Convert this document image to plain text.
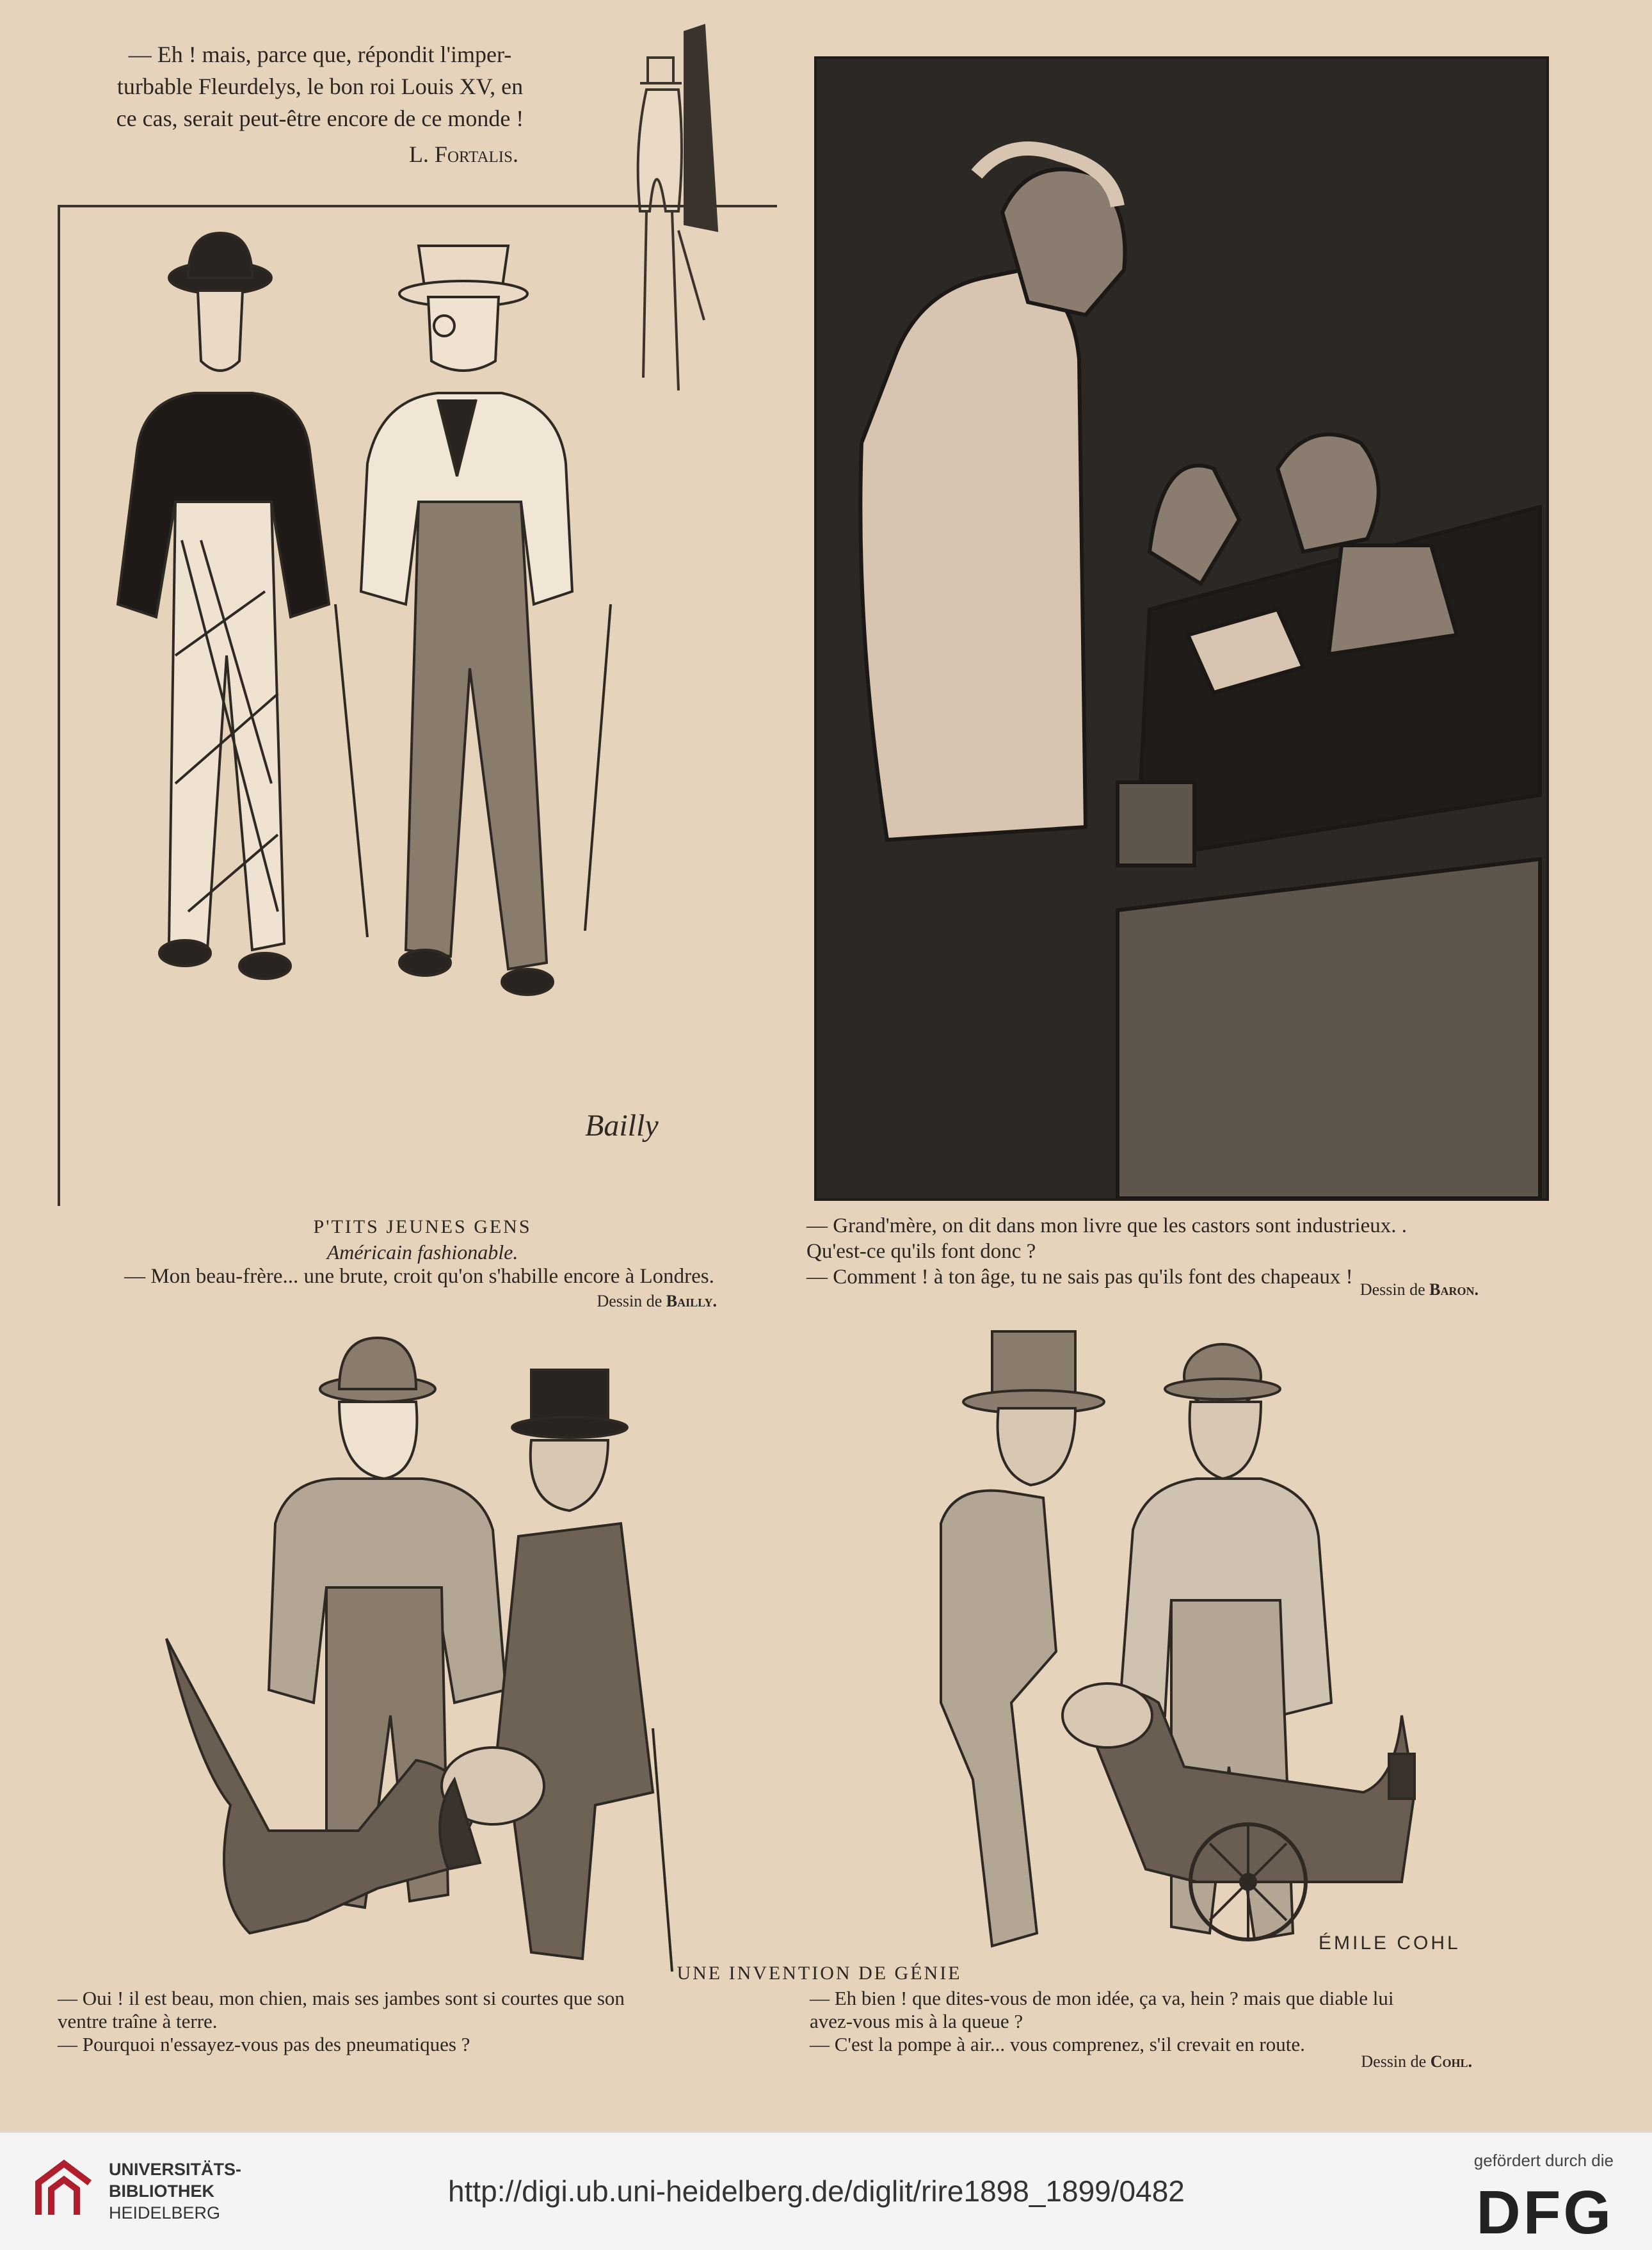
— Eh ! mais, parce que, répondit l'imper-
turbable Fleurdelys, le bon roi Louis XV, en
ce cas, serait peut-être encore de ce monde !
L. Fortalis.
Bailly
P'TITS JEUNES GENS
Américain fashionable.
— Mon beau-frère... une brute, croit qu'on s'habille encore à Londres.
Dessin de Bailly.
— Grand'mère, on dit dans mon livre que les castors sont industrieux. .
Qu'est-ce qu'ils font donc ?
— Comment ! à ton âge, tu ne sais pas qu'ils font des chapeaux !
Dessin de Baron.
ÉMILE COHL
UNE INVENTION DE GÉNIE
— Oui ! il est beau, mon chien, mais ses jambes sont si courtes que son
ventre traîne à terre.
— Pourquoi n'essayez-vous pas des pneumatiques ?
— Eh bien ! que dites-vous de mon idée, ça va, hein ? mais que diable lui
avez-vous mis à la queue ?
— C'est la pompe à air... vous comprenez, s'il crevait en route.
Dessin de Cohl.
UNIVERSITÄTS-
BIBLIOTHEK
HEIDELBERG
http://digi.ub.uni-heidelberg.de/diglit/rire1898_1899/0482
gefördert durch die
DFG
